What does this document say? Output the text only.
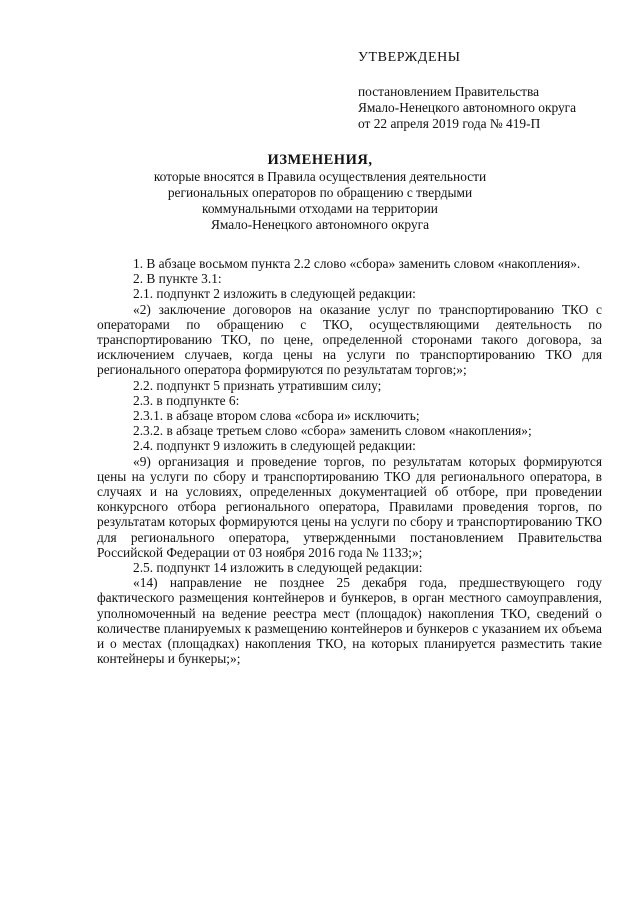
УТВЕРЖДЕНЫ
постановлением Правительства
Ямало-Ненецкого автономного округа
от 22 апреля 2019 года № 419-П
ИЗМЕНЕНИЯ,
которые вносятся в Правила осуществления деятельности
региональных операторов по обращению с твердыми
коммунальными отходами на территории
Ямало-Ненецкого автономного округа

1. В абзаце восьмом пункта 2.2 слово «сбора» заменить словом «накопления».

2. В пункте 3.1:

2.1. подпункт 2 изложить в следующей редакции:

«2) заключение договоров на оказание услуг по транспортированию ТКО с операторами по обращению с ТКО, осуществляющими деятельность по транспортированию ТКО, по цене, определенной сторонами такого договора, за исключением случаев, когда цены на услуги по транспортированию ТКО для регионального оператора формируются по результатам торгов;»;

2.2. подпункт 5 признать утратившим силу;

2.3. в подпункте 6:

2.3.1. в абзаце втором слова «сбора и» исключить;

2.3.2. в абзаце третьем слово «сбора» заменить словом «накопления»;

2.4. подпункт 9 изложить в следующей редакции:

«9) организация и проведение торгов, по результатам которых формируются цены на услуги по сбору и транспортированию ТКО для регионального оператора, в случаях и на условиях, определенных документацией об отборе, при проведении конкурсного отбора регионального оператора, Правилами проведения торгов, по результатам которых формируются цены на услуги по сбору и транспортированию ТКО для регионального оператора, утвержденными постановлением Правительства Российской Федерации от 03 ноября 2016 года № 1133;»;

2.5. подпункт 14 изложить в следующей редакции:

«14) направление не позднее 25 декабря года, предшествующего году фактического размещения контейнеров и бункеров, в орган местного самоуправления, уполномоченный на ведение реестра мест (площадок) накопления ТКО, сведений о количестве планируемых к размещению контейнеров и бункеров с указанием их объема и о местах (площадках) накопления ТКО, на которых планируется разместить такие контейнеры и бункеры;»;
